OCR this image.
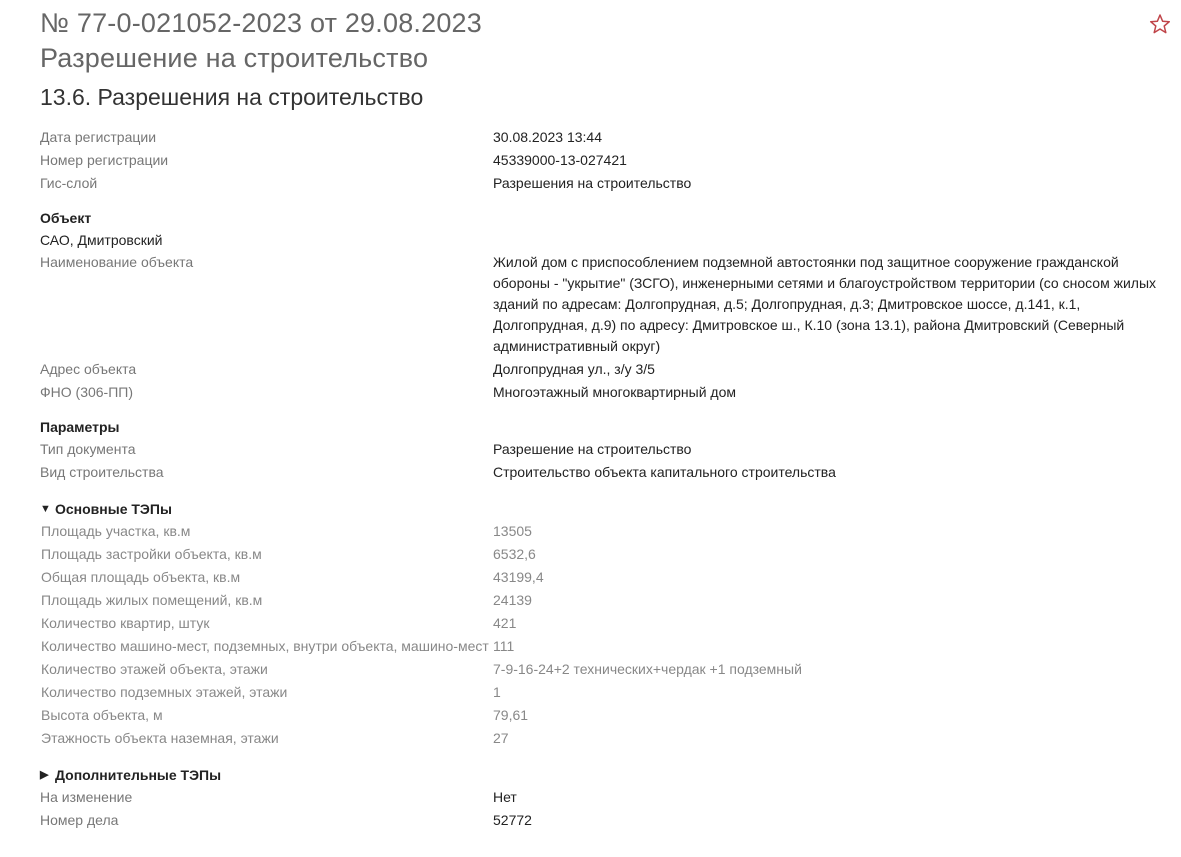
№ 77-0-021052-2023 от 29.08.2023
Разрешение на строительство
13.6. Разрешения на строительство
Дата регистрации	30.08.2023 13:44
Номер регистрации	45339000-13-027421
Гис-слой	Разрешения на строительство
Объект
САО, Дмитровский
Наименование объекта	Жилой дом с приспособлением подземной автостоянки под защитное сооружение гражданской обороны - "укрытие" (ЗСГО), инженерными сетями и благоустройством территории (со сносом жилых зданий по адресам: Долгопрудная, д.5; Долгопрудная, д.3; Дмитровское шоссе, д.141, к.1, Долгопрудная, д.9) по адресу: Дмитровское ш., К.10 (зона 13.1), района Дмитровский (Северный административный округ)
Адрес объекта	Долгопрудная ул., з/у 3/5
ФНО (306-ПП)	Многоэтажный многоквартирный дом
Параметры
Тип документа	Разрешение на строительство
Вид строительства	Строительство объекта капитального строительства
▼ Основные ТЭПы
Площадь участка, кв.м	13505
Площадь застройки объекта, кв.м	6532,6
Общая площадь объекта, кв.м	43199,4
Площадь жилых помещений, кв.м	24139
Количество квартир, штук	421
Количество машино-мест, подземных, внутри объекта, машино-мест 111
Количество этажей объекта, этажи	7-9-16-24+2 технических+чердак +1 подземный
Количество подземных этажей, этажи	1
Высота объекта, м	79,61
Этажность объекта наземная, этажи	27
▶ Дополнительные ТЭПы
На изменение	Нет
Номер дела	52772
